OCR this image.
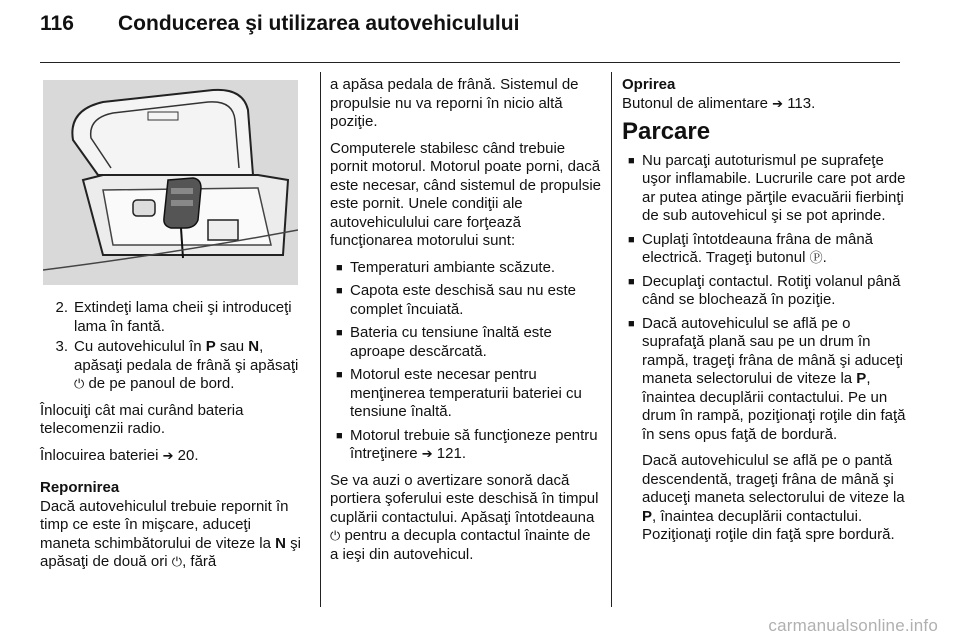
116	Conducerea şi utilizarea autovehiculului
2. Extindeţi lama cheii şi introduceţi lama în fantă.
3. Cu autovehiculul în P sau N, apăsaţi pedala de frână şi apăsaţi ⏻ de pe panoul de bord.

Înlocuiţi cât mai curând bateria telecomenzii radio.

Înlocuirea bateriei ➔ 20.

Repornirea

Dacă autovehiculul trebuie repornit în timp ce este în mişcare, aduceţi maneta schimbătorului de viteze la N şi apăsaţi de două ori ⏻, fără

a apăsa pedala de frână. Sistemul de propulsie nu va reporni în nicio altă poziţie.

Computerele stabilesc când trebuie pornit motorul. Motorul poate porni, dacă este necesar, când sistemul de propulsie este pornit. Unele condiţii ale autovehiculului care forţează funcţionarea motorului sunt:

■ Temperaturi ambiante scăzute.
■ Capota este deschisă sau nu este complet încuiată.
■ Bateria cu tensiune înaltă este aproape descărcată.
■ Motorul este necesar pentru menţinerea temperaturii bateriei cu tensiune înaltă.
■ Motorul trebuie să funcţioneze pentru întreţinere ➔ 121.

Se va auzi o avertizare sonoră dacă portiera şoferului este deschisă în timpul cuplării contactului. Apăsaţi întotdeauna ⏻ pentru a decupla contactul înainte de a ieşi din autovehicul.

Oprirea

Butonul de alimentare ➔ 113.

Parcare
■ Nu parcaţi autoturismul pe suprafeţe uşor inflamabile. Lucrurile care pot arde ar putea atinge părţile evacuării fierbinţi de sub autovehicul şi se pot aprinde.
■ Cuplaţi întotdeauna frâna de mână electrică. Trageţi butonul Ⓟ.
■ Decuplaţi contactul. Rotiţi volanul până când se blochează în poziţie.
■ Dacă autovehiculul se află pe o suprafaţă plană sau pe un drum în rampă, trageţi frâna de mână şi aduceţi maneta selectorului de viteze la P, înaintea decuplării contactului. Pe un drum în rampă, poziţionaţi roţile din faţă în sens opus faţă de bordură.
Dacă autovehiculul se află pe o pantă descendentă, trageţi frâna de mână şi aduceţi maneta selectorului de viteze la P, înaintea decuplării contactului. Poziţionaţi roţile din faţă spre bordură.
carmanualsonline.info
